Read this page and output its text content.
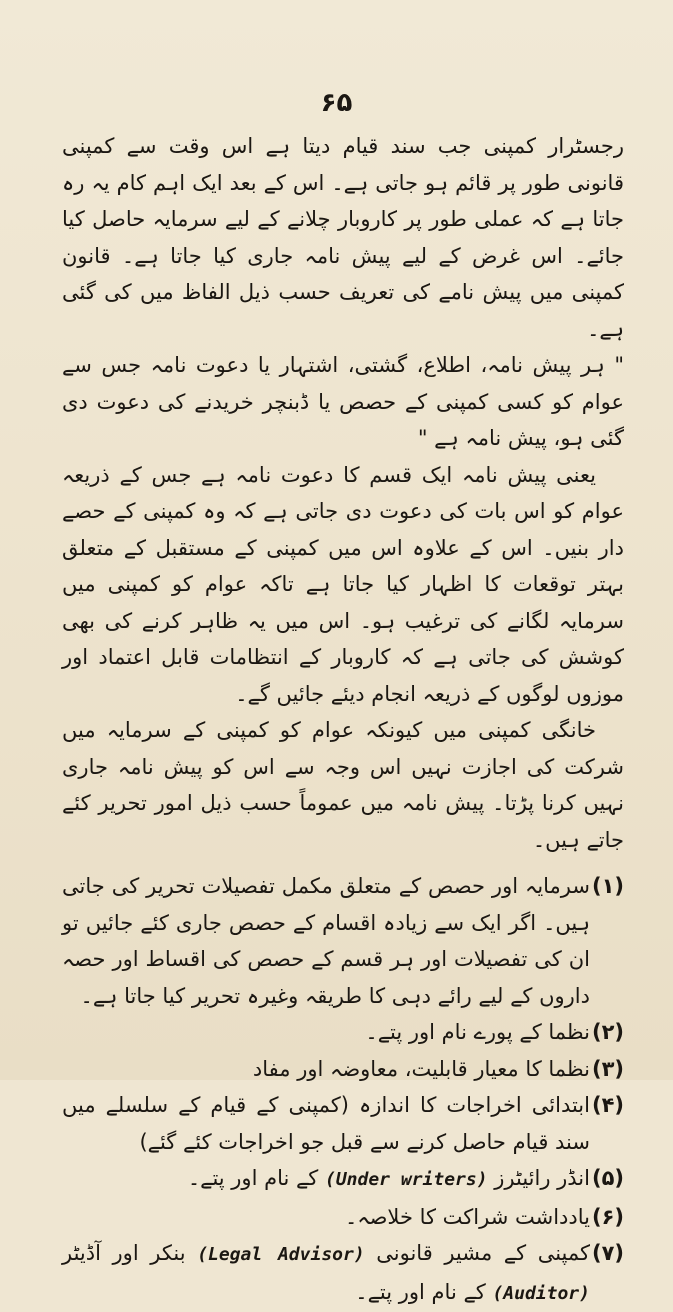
۶۵

رجسٹرار کمپنی جب سند قیام دیتا ہے اس وقت سے کمپنی قانونی طور پر قائم ہو جاتی ہے۔ اس کے بعد ایک اہم کام یہ رہ جاتا ہے کہ عملی طور پر کاروبار چلانے کے لیے سرمایہ حاصل کیا جائے۔ اس غرض کے لیے پیش نامہ جاری کیا جاتا ہے۔ قانون کمپنی میں پیش نامے کی تعریف حسب ذیل الفاظ میں کی گئی ہے۔

" ہر پیش نامہ، اطلاع، گشتی، اشتہار یا دعوت نامہ جس سے عوام کو کسی کمپنی کے حصص یا ڈبنچر خریدنے کی دعوت دی گئی ہو، پیش نامہ ہے "

یعنی پیش نامہ ایک قسم کا دعوت نامہ ہے جس کے ذریعہ عوام کو اس بات کی دعوت دی جاتی ہے کہ وہ کمپنی کے حصے دار بنیں۔ اس کے علاوہ اس میں کمپنی کے مستقبل کے متعلق بہتر توقعات کا اظہار کیا جاتا ہے تاکہ عوام کو کمپنی میں سرمایہ لگانے کی ترغیب ہو۔ اس میں یہ ظاہر کرنے کی بھی کوشش کی جاتی ہے کہ کاروبار کے انتظامات قابل اعتماد اور موزوں لوگوں کے ذریعہ انجام دیئے جائیں گے۔

خانگی کمپنی میں کیونکہ عوام کو کمپنی کے سرمایہ میں شرکت کی اجازت نہیں اس وجہ سے اس کو پیش نامہ جاری نہیں کرنا پڑتا۔ پیش نامہ میں عموماً حسب ذیل امور تحریر کئے جاتے ہیں۔

(۱)
سرمایہ اور حصص کے متعلق مکمل تفصیلات تحریر کی جاتی ہیں۔ اگر ایک سے زیادہ اقسام کے حصص جاری کئے جائیں تو ان کی تفصیلات اور ہر قسم کے حصص کی اقساط اور حصہ داروں کے لیے رائے دہی کا طریقہ وغیرہ تحریر کیا جاتا ہے۔
(۲)
نظما کے پورے نام اور پتے۔
(۳)
نظما کا معیار قابلیت، معاوضہ اور مفاد
(۴)
ابتدائی اخراجات کا اندازہ (کمپنی کے قیام کے سلسلے میں سند قیام حاصل کرنے سے قبل جو اخراجات کئے گئے)
(۵)
انڈر رائیٹرز (Under writers) کے نام اور پتے۔
(۶)
یادداشت شراکت کا خلاصہ۔
(۷)
کمپنی کے مشیر قانونی (Legal Advisor) بنکر اور آڈیٹر (Auditor) کے نام اور پتے۔
